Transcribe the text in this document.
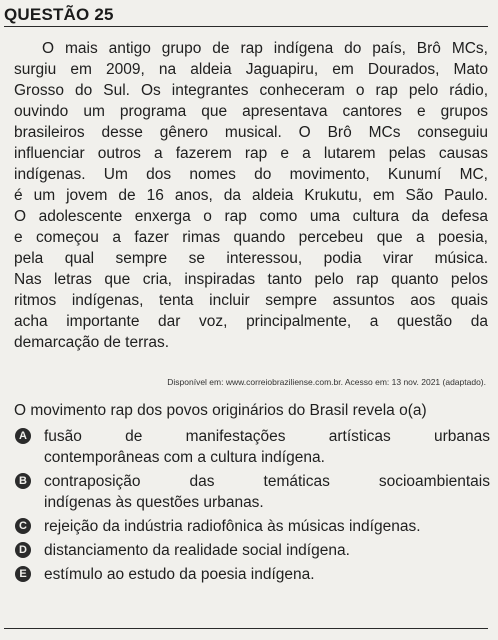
QUESTÃO 25
O mais antigo grupo de rap indígena do país, Brô MCs,
surgiu em 2009, na aldeia Jaguapiru, em Dourados, Mato
Grosso do Sul. Os integrantes conheceram o rap pelo rádio,
ouvindo um programa que apresentava cantores e grupos
brasileiros desse gênero musical. O Brô MCs conseguiu
influenciar outros a fazerem rap e a lutarem pelas causas
indígenas. Um dos nomes do movimento, Kunumí MC,
é um jovem de 16 anos, da aldeia Krukutu, em São Paulo.
O adolescente enxerga o rap como uma cultura da defesa
e começou a fazer rimas quando percebeu que a poesia,
pela qual sempre se interessou, podia virar música.
Nas letras que cria, inspiradas tanto pelo rap quanto pelos
ritmos indígenas, tenta incluir sempre assuntos aos quais
acha importante dar voz, principalmente, a questão da
demarcação de terras.
Disponível em: www.correiobraziliense.com.br. Acesso em: 13 nov. 2021 (adaptado).
O movimento rap dos povos originários do Brasil revela o(a)
A fusão de manifestações artísticas urbanas
contemporâneas com a cultura indígena.
B contraposição das temáticas socioambientais
indígenas às questões urbanas.
C rejeição da indústria radiofônica às músicas indígenas.
D distanciamento da realidade social indígena.
E estímulo ao estudo da poesia indígena.
